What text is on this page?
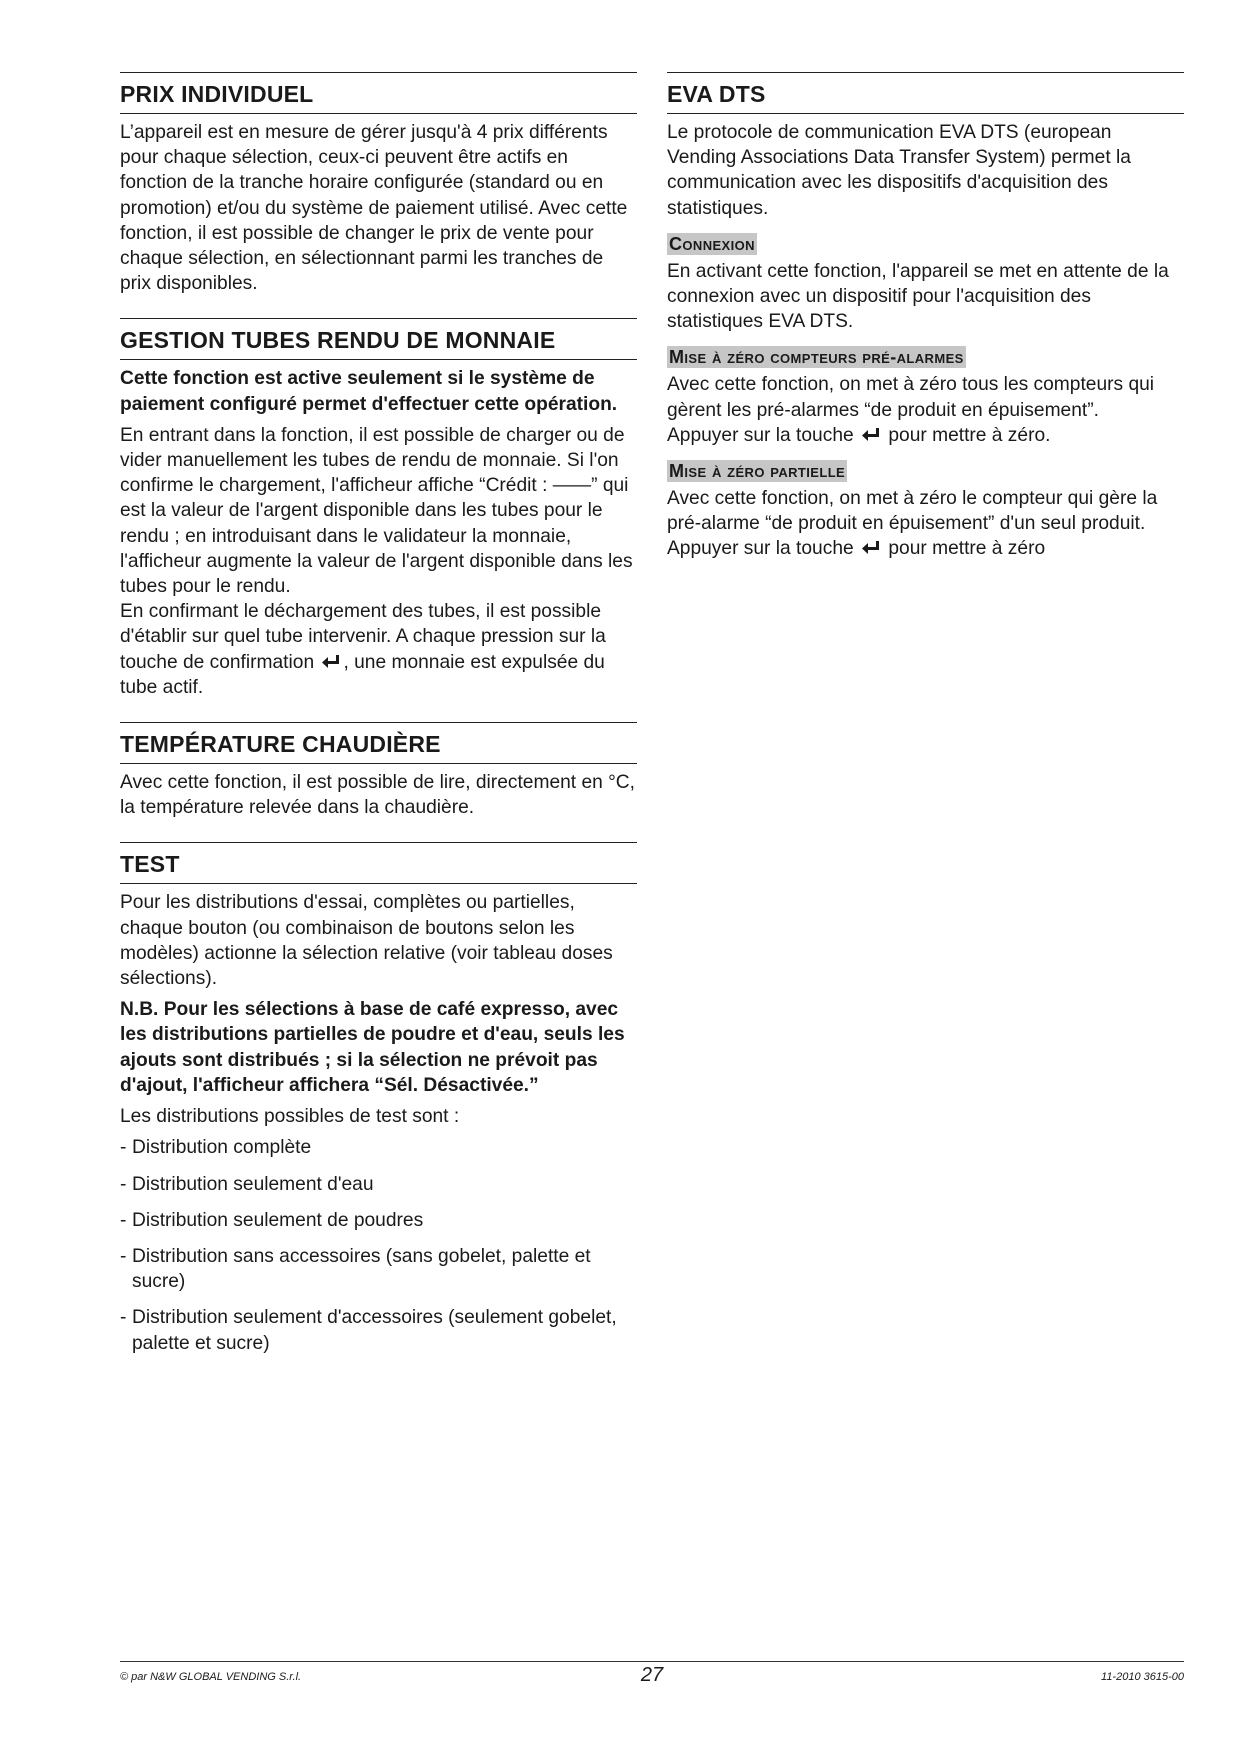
PRIX INDIVIDUEL

L’appareil est en mesure de gérer jusqu'à 4 prix différents pour chaque sélection, ceux-ci peuvent être actifs en fonction de la tranche horaire configurée (standard ou en promotion) et/ou du système de paiement utilisé. Avec cette fonction, il est possible de changer le prix de vente pour chaque sélection, en sélectionnant parmi les tranches de prix disponibles.

GESTION TUBES RENDU DE MONNAIE

Cette fonction est active seulement si le système de paiement configuré permet d'effectuer cette opération.

En entrant dans la fonction, il est possible de charger ou de vider manuellement les tubes de rendu de monnaie. Si l'on confirme le chargement, l'afficheur affiche “Crédit : ——” qui est la valeur de l'argent disponible dans les tubes pour le rendu ; en introduisant dans le validateur la monnaie, l'afficheur augmente la valeur de l'argent disponible dans les tubes pour le rendu.

En confirmant le déchargement des tubes, il est possible d'établir sur quel tube intervenir. A chaque pression sur la touche de confirmation , une monnaie est expulsée du tube actif.

TEMPÉRATURE CHAUDIÈRE

Avec cette fonction, il est possible de lire, directement en °C, la température relevée dans la chaudière.

TEST

Pour les distributions d'essai, complètes ou partielles, chaque bouton (ou combinaison de boutons selon les modèles) actionne la sélection relative (voir tableau doses sélections).

N.B. Pour les sélections à base de café expresso, avec les distributions partielles de poudre et d'eau, seuls les ajouts sont distribués ; si la sélection ne prévoit pas d'ajout, l'afficheur affichera “Sél. Désactivée.”

Les distributions possibles de test sont :

- Distribution complète
- Distribution seulement d'eau
- Distribution seulement de poudres
- Distribution sans accessoires (sans gobelet, palette et sucre)
- Distribution seulement d'accessoires (seulement gobelet, palette et sucre)
EVA DTS

Le protocole de communication EVA DTS (european Vending Associations Data Transfer System) permet la communication avec les dispositifs d'acquisition des statistiques.

Connexion

En activant cette fonction, l'appareil se met en attente de la connexion avec un dispositif pour l'acquisition des statistiques EVA DTS.

Mise à zéro compteurs pré-alarmes

Avec cette fonction, on met à zéro tous les compteurs qui gèrent les pré-alarmes “de produit en épuisement”.

Appuyer sur la touche pour mettre à zéro.

Mise à zéro partielle

Avec cette fonction, on met à zéro le compteur qui gère la pré-alarme “de produit en épuisement” d'un seul produit.

Appuyer sur la touche pour mettre à zéro

© par N&W GLOBAL VENDING S.r.l.	27	11-2010 3615-00
